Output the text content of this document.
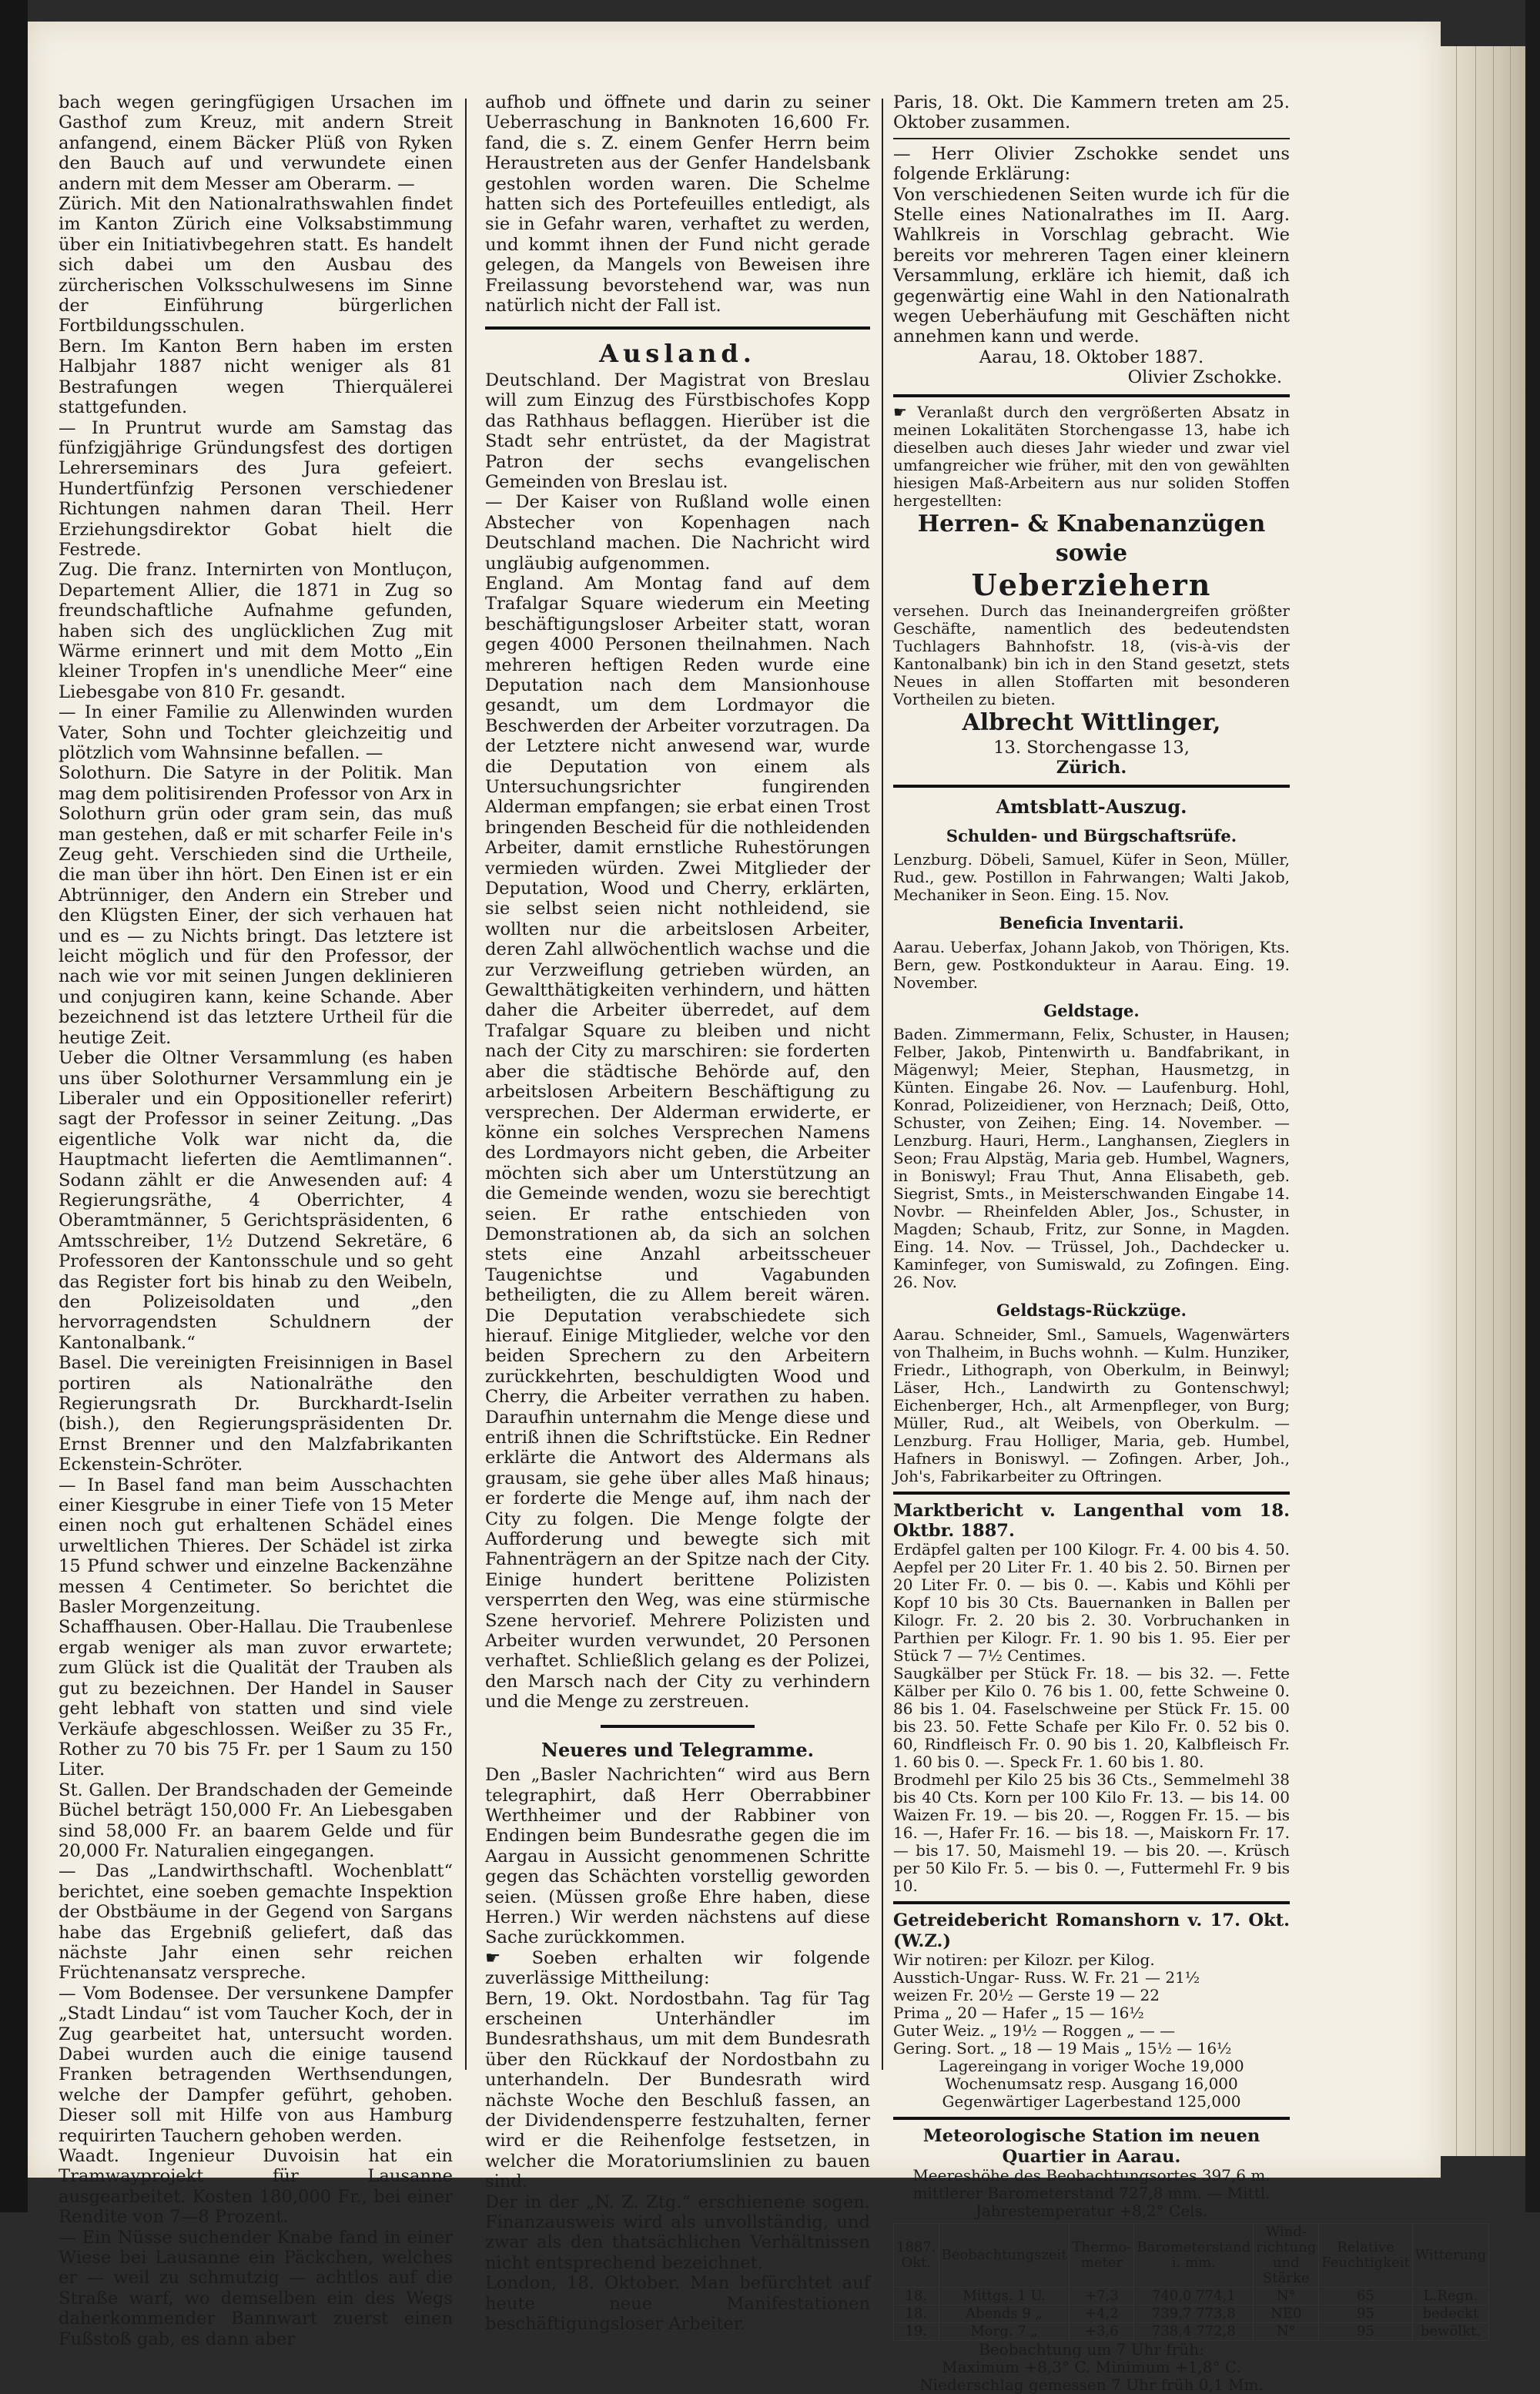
bach wegen geringfügigen Ursachen im Gasthof zum Kreuz, mit andern Streit anfangend, einem Bäcker Plüß von Ryken den Bauch auf und verwundete einen andern mit dem Messer am Oberarm. —

Zürich. Mit den Nationalrathswahlen findet im Kanton Zürich eine Volksabstimmung über ein Initiativbegehren statt. Es handelt sich dabei um den Ausbau des zürcherischen Volksschulwesens im Sinne der Einführung bürgerlichen Fortbildungsschulen.

Bern. Im Kanton Bern haben im ersten Halbjahr 1887 nicht weniger als 81 Bestrafungen wegen Thierquälerei stattgefunden.

— In Pruntrut wurde am Samstag das fünfzigjährige Gründungsfest des dortigen Lehrerseminars des Jura gefeiert. Hundertfünfzig Personen verschiedener Richtungen nahmen daran Theil. Herr Erziehungsdirektor Gobat hielt die Festrede.

Zug. Die franz. Internirten von Montluçon, Departement Allier, die 1871 in Zug so freundschaftliche Aufnahme gefunden, haben sich des unglücklichen Zug mit Wärme erinnert und mit dem Motto „Ein kleiner Tropfen in's unendliche Meer“ eine Liebesgabe von 810 Fr. gesandt.

— In einer Familie zu Allenwinden wurden Vater, Sohn und Tochter gleichzeitig und plötzlich vom Wahnsinne befallen. —

Solothurn. Die Satyre in der Politik. Man mag dem politisirenden Professor von Arx in Solothurn grün oder gram sein, das muß man gestehen, daß er mit scharfer Feile in's Zeug geht. Verschieden sind die Urtheile, die man über ihn hört. Den Einen ist er ein Abtrünniger, den Andern ein Streber und den Klügsten Einer, der sich verhauen hat und es — zu Nichts bringt. Das letztere ist leicht möglich und für den Professor, der nach wie vor mit seinen Jungen deklinieren und conjugiren kann, keine Schande. Aber bezeichnend ist das letztere Urtheil für die heutige Zeit.

Ueber die Oltner Versammlung (es haben uns über Solothurner Versammlung ein je Liberaler und ein Oppositioneller referirt) sagt der Professor in seiner Zeitung. „Das eigentliche Volk war nicht da, die Hauptmacht lieferten die Aemtlimannen“. Sodann zählt er die Anwesenden auf: 4 Regierungsräthe, 4 Oberrichter, 4 Oberamtmänner, 5 Gerichtspräsidenten, 6 Amtsschreiber, 1½ Dutzend Sekretäre, 6 Professoren der Kantonsschule und so geht das Register fort bis hinab zu den Weibeln, den Polizeisoldaten und „den hervorragendsten Schuldnern der Kantonalbank.“

Basel. Die vereinigten Freisinnigen in Basel portiren als Nationalräthe den Regierungsrath Dr. Burckhardt-Iselin (bish.), den Regierungspräsidenten Dr. Ernst Brenner und den Malzfabrikanten Eckenstein-Schröter.

— In Basel fand man beim Ausschachten einer Kiesgrube in einer Tiefe von 15 Meter einen noch gut erhaltenen Schädel eines urweltlichen Thieres. Der Schädel ist zirka 15 Pfund schwer und einzelne Backenzähne messen 4 Centimeter. So berichtet die Basler Morgenzeitung.

Schaffhausen. Ober-Hallau. Die Traubenlese ergab weniger als man zuvor erwartete; zum Glück ist die Qualität der Trauben als gut zu bezeichnen. Der Handel in Sauser geht lebhaft von statten und sind viele Verkäufe abgeschlossen. Weißer zu 35 Fr., Rother zu 70 bis 75 Fr. per 1 Saum zu 150 Liter.

St. Gallen. Der Brandschaden der Gemeinde Büchel beträgt 150,000 Fr. An Liebesgaben sind 58,000 Fr. an baarem Gelde und für 20,000 Fr. Naturalien eingegangen.

— Das „Landwirthschaftl. Wochenblatt“ berichtet, eine soeben gemachte Inspektion der Obstbäume in der Gegend von Sargans habe das Ergebniß geliefert, daß das nächste Jahr einen sehr reichen Früchtenansatz verspreche.

— Vom Bodensee. Der versunkene Dampfer „Stadt Lindau“ ist vom Taucher Koch, der in Zug gearbeitet hat, untersucht worden. Dabei wurden auch die einige tausend Franken betragenden Werthsendungen, welche der Dampfer geführt, gehoben. Dieser soll mit Hilfe von aus Hamburg requirirten Tauchern gehoben werden.

Waadt. Ingenieur Duvoisin hat ein Tramwayprojekt für Lausanne ausgearbeitet. Kosten 180,000 Fr., bei einer Rendite von 7—8 Prozent.

— Ein Nüsse suchender Knabe fand in einer Wiese bei Lausanne ein Päckchen, welches er — weil zu schmutzig — achtlos auf die Straße warf, wo demselben ein des Wegs daherkommender Bannwart zuerst einen Fußstoß gab, es dann aber

aufhob und öffnete und darin zu seiner Ueberraschung in Banknoten 16,600 Fr. fand, die s. Z. einem Genfer Herrn beim Heraustreten aus der Genfer Handelsbank gestohlen worden waren. Die Schelme hatten sich des Portefeuilles entledigt, als sie in Gefahr waren, verhaftet zu werden, und kommt ihnen der Fund nicht gerade gelegen, da Mangels von Beweisen ihre Freilassung bevorstehend war, was nun natürlich nicht der Fall ist.

Ausland.

Deutschland. Der Magistrat von Breslau will zum Einzug des Fürstbischofes Kopp das Rathhaus beflaggen. Hierüber ist die Stadt sehr entrüstet, da der Magistrat Patron der sechs evangelischen Gemeinden von Breslau ist.

— Der Kaiser von Rußland wolle einen Abstecher von Kopenhagen nach Deutschland machen. Die Nachricht wird ungläubig aufgenommen.

England. Am Montag fand auf dem Trafalgar Square wiederum ein Meeting beschäftigungsloser Arbeiter statt, woran gegen 4000 Personen theilnahmen. Nach mehreren heftigen Reden wurde eine Deputation nach dem Mansionhouse gesandt, um dem Lordmayor die Beschwerden der Arbeiter vorzutragen. Da der Letztere nicht anwesend war, wurde die Deputation von einem als Untersuchungsrichter fungirenden Alderman empfangen; sie erbat einen Trost bringenden Bescheid für die nothleidenden Arbeiter, damit ernstliche Ruhestörungen vermieden würden. Zwei Mitglieder der Deputation, Wood und Cherry, erklärten, sie selbst seien nicht nothleidend, sie wollten nur die arbeitslosen Arbeiter, deren Zahl allwöchentlich wachse und die zur Verzweiflung getrieben würden, an Gewaltthätigkeiten verhindern, und hätten daher die Arbeiter überredet, auf dem Trafalgar Square zu bleiben und nicht nach der City zu marschiren: sie forderten aber die städtische Behörde auf, den arbeitslosen Arbeitern Beschäftigung zu versprechen. Der Alderman erwiderte, er könne ein solches Versprechen Namens des Lordmayors nicht geben, die Arbeiter möchten sich aber um Unterstützung an die Gemeinde wenden, wozu sie berechtigt seien. Er rathe entschieden von Demonstrationen ab, da sich an solchen stets eine Anzahl arbeitsscheuer Taugenichtse und Vagabunden betheiligten, die zu Allem bereit wären. Die Deputation verabschiedete sich hierauf. Einige Mitglieder, welche vor den beiden Sprechern zu den Arbeitern zurückkehrten, beschuldigten Wood und Cherry, die Arbeiter verrathen zu haben. Daraufhin unternahm die Menge diese und entriß ihnen die Schriftstücke. Ein Redner erklärte die Antwort des Aldermans als grausam, sie gehe über alles Maß hinaus; er forderte die Menge auf, ihm nach der City zu folgen. Die Menge folgte der Aufforderung und bewegte sich mit Fahnenträgern an der Spitze nach der City. Einige hundert berittene Polizisten versperrten den Weg, was eine stürmische Szene hervorief. Mehrere Polizisten und Arbeiter wurden verwundet, 20 Personen verhaftet. Schließlich gelang es der Polizei, den Marsch nach der City zu verhindern und die Menge zu zerstreuen.

Neueres und Telegramme.

Den „Basler Nachrichten“ wird aus Bern telegraphirt, daß Herr Oberrabbiner Werthheimer und der Rabbiner von Endingen beim Bundesrathe gegen die im Aargau in Aussicht genommenen Schritte gegen das Schächten vorstellig geworden seien. (Müssen große Ehre haben, diese Herren.) Wir werden nächstens auf diese Sache zurückkommen.

☛ Soeben erhalten wir folgende zuverlässige Mittheilung:

Bern, 19. Okt. Nordostbahn. Tag für Tag erscheinen Unterhändler im Bundesrathshaus, um mit dem Bundesrath über den Rückkauf der Nordostbahn zu unterhandeln. Der Bundesrath wird nächste Woche den Beschluß fassen, an der Dividendensperre festzuhalten, ferner wird er die Reihenfolge festsetzen, in welcher die Moratoriumslinien zu bauen sind.

Der in der „N. Z. Ztg.“ erschienene sogen. Finanzausweis wird als unvollständig, und zwar als den thatsächlichen Verhältnissen nicht entsprechend bezeichnet.

London, 18. Oktober. Man befürchtet auf heute neue Manifestationen beschäftigungsloser Arbeiter.

Paris, 18. Okt. Die Kammern treten am 25. Oktober zusammen.

— Herr Olivier Zschokke sendet uns folgende Erklärung:

Von verschiedenen Seiten wurde ich für die Stelle eines Nationalrathes im II. Aarg. Wahlkreis in Vorschlag gebracht. Wie bereits vor mehreren Tagen einer kleinern Versammlung, erkläre ich hiemit, daß ich gegenwärtig eine Wahl in den Nationalrath wegen Ueberhäufung mit Geschäften nicht annehmen kann und werde.

Aarau, 18. Oktober 1887.

Olivier Zschokke.

☛ Veranlaßt durch den vergrößerten Absatz in meinen Lokalitäten Storchengasse 13, habe ich dieselben auch dieses Jahr wieder und zwar viel umfangreicher wie früher, mit den von gewählten hiesigen Maß-Arbeitern aus nur soliden Stoffen hergestellten:

Herren- & Knabenanzügen sowie
Ueberziehern

versehen. Durch das Ineinandergreifen größter Geschäfte, namentlich des bedeutendsten Tuchlagers Bahnhofstr. 18, (vis-à-vis der Kantonalbank) bin ich in den Stand gesetzt, stets Neues in allen Stoffarten mit besonderen Vortheilen zu bieten.

Albrecht Wittlinger,

13. Storchengasse 13,

Zürich.

Amtsblatt-Auszug.
Schulden- und Bürgschaftsrüfe.

Lenzburg. Döbeli, Samuel, Küfer in Seon, Müller, Rud., gew. Postillon in Fahrwangen; Walti Jakob, Mechaniker in Seon. Eing. 15. Nov.

Beneficia Inventarii.

Aarau. Ueberfax, Johann Jakob, von Thörigen, Kts. Bern, gew. Postkondukteur in Aarau. Eing. 19. November.

Geldstage.

Baden. Zimmermann, Felix, Schuster, in Hausen; Felber, Jakob, Pintenwirth u. Bandfabrikant, in Mägenwyl; Meier, Stephan, Hausmetzg, in Künten. Eingabe 26. Nov. — Laufenburg. Hohl, Konrad, Polizeidiener, von Herznach; Deiß, Otto, Schuster, von Zeihen; Eing. 14. November. — Lenzburg. Hauri, Herm., Langhansen, Zieglers in Seon; Frau Alpstäg, Maria geb. Humbel, Wagners, in Boniswyl; Frau Thut, Anna Elisabeth, geb. Siegrist, Smts., in Meisterschwanden Eingabe 14. Novbr. — Rheinfelden Abler, Jos., Schuster, in Magden; Schaub, Fritz, zur Sonne, in Magden. Eing. 14. Nov. — Trüssel, Joh., Dachdecker u. Kaminfeger, von Sumiswald, zu Zofingen. Eing. 26. Nov.

Geldstags-Rückzüge.

Aarau. Schneider, Sml., Samuels, Wagenwärters von Thalheim, in Buchs wohnh. — Kulm. Hunziker, Friedr., Lithograph, von Oberkulm, in Beinwyl; Läser, Hch., Landwirth zu Gontenschwyl; Eichenberger, Hch., alt Armenpfleger, von Burg; Müller, Rud., alt Weibels, von Oberkulm. — Lenzburg. Frau Holliger, Maria, geb. Humbel, Hafners in Boniswyl. — Zofingen. Arber, Joh., Joh's, Fabrikarbeiter zu Oftringen.

Marktbericht v. Langenthal vom 18. Oktbr. 1887.

Erdäpfel galten per 100 Kilogr. Fr. 4. 00 bis 4. 50. Aepfel per 20 Liter Fr. 1. 40 bis 2. 50. Birnen per 20 Liter Fr. 0. — bis 0. —. Kabis und Köhli per Kopf 10 bis 30 Cts. Bauernanken in Ballen per Kilogr. Fr. 2. 20 bis 2. 30. Vorbruchanken in Parthien per Kilogr. Fr. 1. 90 bis 1. 95. Eier per Stück 7 — 7½ Centimes.

Saugkälber per Stück Fr. 18. — bis 32. —. Fette Kälber per Kilo 0. 76 bis 1. 00, fette Schweine 0. 86 bis 1. 04. Faselschweine per Stück Fr. 15. 00 bis 23. 50. Fette Schafe per Kilo Fr. 0. 52 bis 0. 60, Rindfleisch Fr. 0. 90 bis 1. 20, Kalbfleisch Fr. 1. 60 bis 0. —. Speck Fr. 1. 60 bis 1. 80.

Brodmehl per Kilo 25 bis 36 Cts., Semmelmehl 38 bis 40 Cts. Korn per 100 Kilo Fr. 13. — bis 14. 00 Waizen Fr. 19. — bis 20. —, Roggen Fr. 15. — bis 16. —, Hafer Fr. 16. — bis 18. —, Maiskorn Fr. 17. — bis 17. 50, Maismehl 19. — bis 20. —. Krüsch per 50 Kilo Fr. 5. — bis 0. —, Futtermehl Fr. 9 bis 10.

Getreidebericht Romanshorn v. 17. Okt. (W.Z.)

Wir notiren: per Kilozr. per Kilog.

Ausstich-Ungar- Russ. W. Fr. 21 — 21½

weizen Fr. 20½ — Gerste 19 — 22

Prima „ 20 — Hafer „ 15 — 16½

Guter Weiz. „ 19½ — Roggen „ — —

Gering. Sort. „ 18 — 19 Mais „ 15½ — 16½

Lagereingang in voriger Woche 19,000

Wochenumsatz resp. Ausgang 16,000

Gegenwärtiger Lagerbestand 125,000

Meteorologische Station im neuen Quartier in Aarau.

Meereshöhe des Beobachtungsortes 397,6 m.

mittlerer Barometerstand 727,8 mm. — Mittl. Jahrestemperatur +8,2° Cels.

1887. Okt.	Beobachtungszeit	Thermo- meter	Barometerstand i. mm.	Wind- richtung und Stärke	Relative Feuchtigkeit	Witterung
18.	Mittgs. 1 U.	+7,3	740,0 774,1	N°	65	L.Regn.
18.	Abends 9 „	+4,2	739,7 773,8	NE0	95	bedeckt
19.	Morg. 7 „	+3,6	738,4 772,8	N°	95	bewölkt.

Beobachtung um 7 Uhr früh:

Maximum +8,3° C. Minimum +1,8° C.

Niederschlag gemessen 7 Uhr früh 0,1 Mm.
